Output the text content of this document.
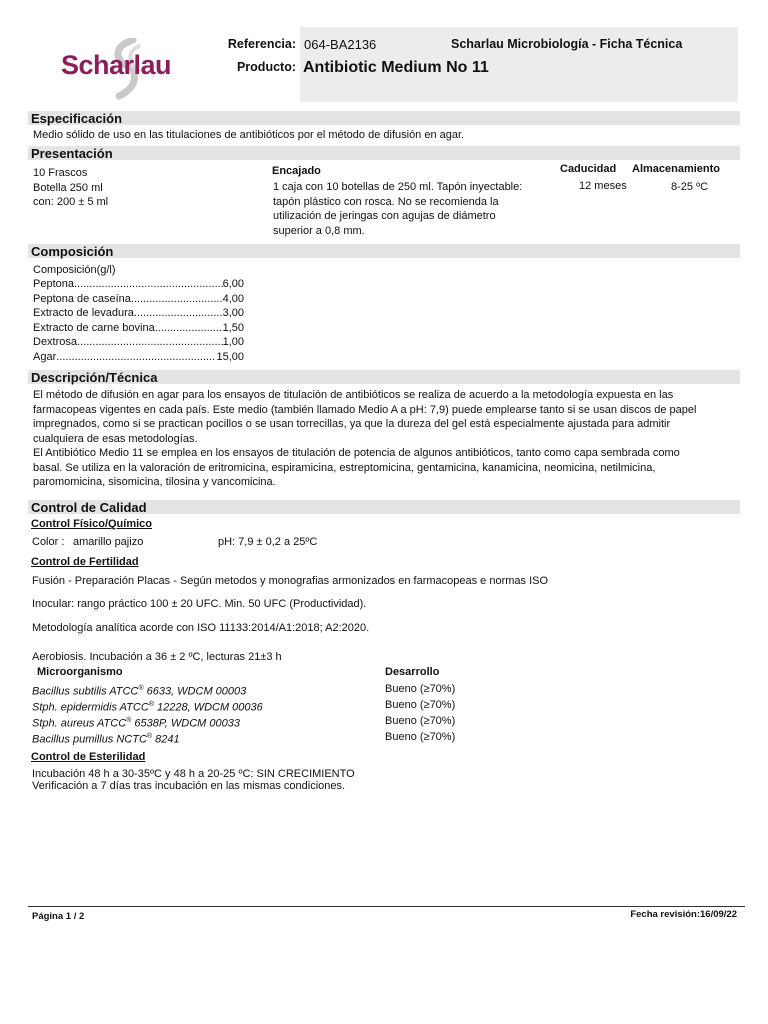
Scharlau
Referencia: 064-BA2136	Scharlau Microbiología - Ficha Técnica
Producto: Antibiotic Medium No 11
Especificación
Medio sólido de uso en las titulaciones de antibióticos por el método de difusión en agar.
Presentación
10 Frascos
Botella 250 ml
con: 200 ± 5 ml
Encajado
1 caja con 10 botellas de 250 ml. Tapón inyectable:
tapón plástico con rosca. No se recomienda la
utilización de jeringas con agujas de diámetro
superior a 0,8 mm.
Caducidad
12 meses
Almacenamiento
8-25 ºC
Composición
Composición(g/l)
Peptona .....	6,00
Peptona de caseína .....	4,00
Extracto de levadura .....	3,00
Extracto de carne bovina .....	1,50
Dextrosa .....	1,00
Agar .....	15,00
Descripción/Técnica
El método de difusión en agar para los ensayos de titulación de antibióticos se realiza de acuerdo a la metodología expuesta en las
farmacopeas vigentes en cada país. Este medio (también llamado Medio A a pH: 7,9) puede emplearse tanto si se usan discos de papel
impregnados, como si se practican pocillos o se usan torrecillas, ya que la dureza del gel está especialmente ajustada para admitir
cualquiera de esas metodologías.
El Antibiótico Medio 11 se emplea en los ensayos de titulación de potencia de algunos antibióticos, tanto como capa sembrada como
basal. Se utiliza en la valoración de eritromicina, espiramicina, estreptomicina, gentamicina, kanamicina, neomicina, netilmicina,
paromomicina, sisomicina, tilosina y vancomicina.
Control de Calidad
Control Físico/Químico
Color : amarillo pajizo	pH: 7,9 ± 0,2 a 25ºC
Control de Fertilidad
Fusión - Preparación Placas - Según metodos y monografias armonizados en farmacopeas e normas ISO
Inocular: rango práctico 100 ± 20 UFC. Min. 50 UFC (Productividad).
Metodología analítica acorde con ISO 11133:2014/A1:2018; A2:2020.
Aerobiosis. Incubación a 36 ± 2 ºC, lecturas 21±3 h
Microorganismo	Desarrollo
Bacillus subtilis ATCC® 6633, WDCM 00003	Bueno (≥70%)
Stph. epidermidis ATCC® 12228, WDCM 00036	Bueno (≥70%)
Stph. aureus ATCC® 6538P, WDCM 00033	Bueno (≥70%)
Bacillus pumillus NCTC® 8241	Bueno (≥70%)
Control de Esterilidad
Incubación 48 h a 30-35ºC y 48 h a 20-25 ºC: SIN CRECIMIENTO
Verificación a 7 días tras incubación en las mismas condiciones.
Página 1 / 2	Fecha revisión:16/09/22
